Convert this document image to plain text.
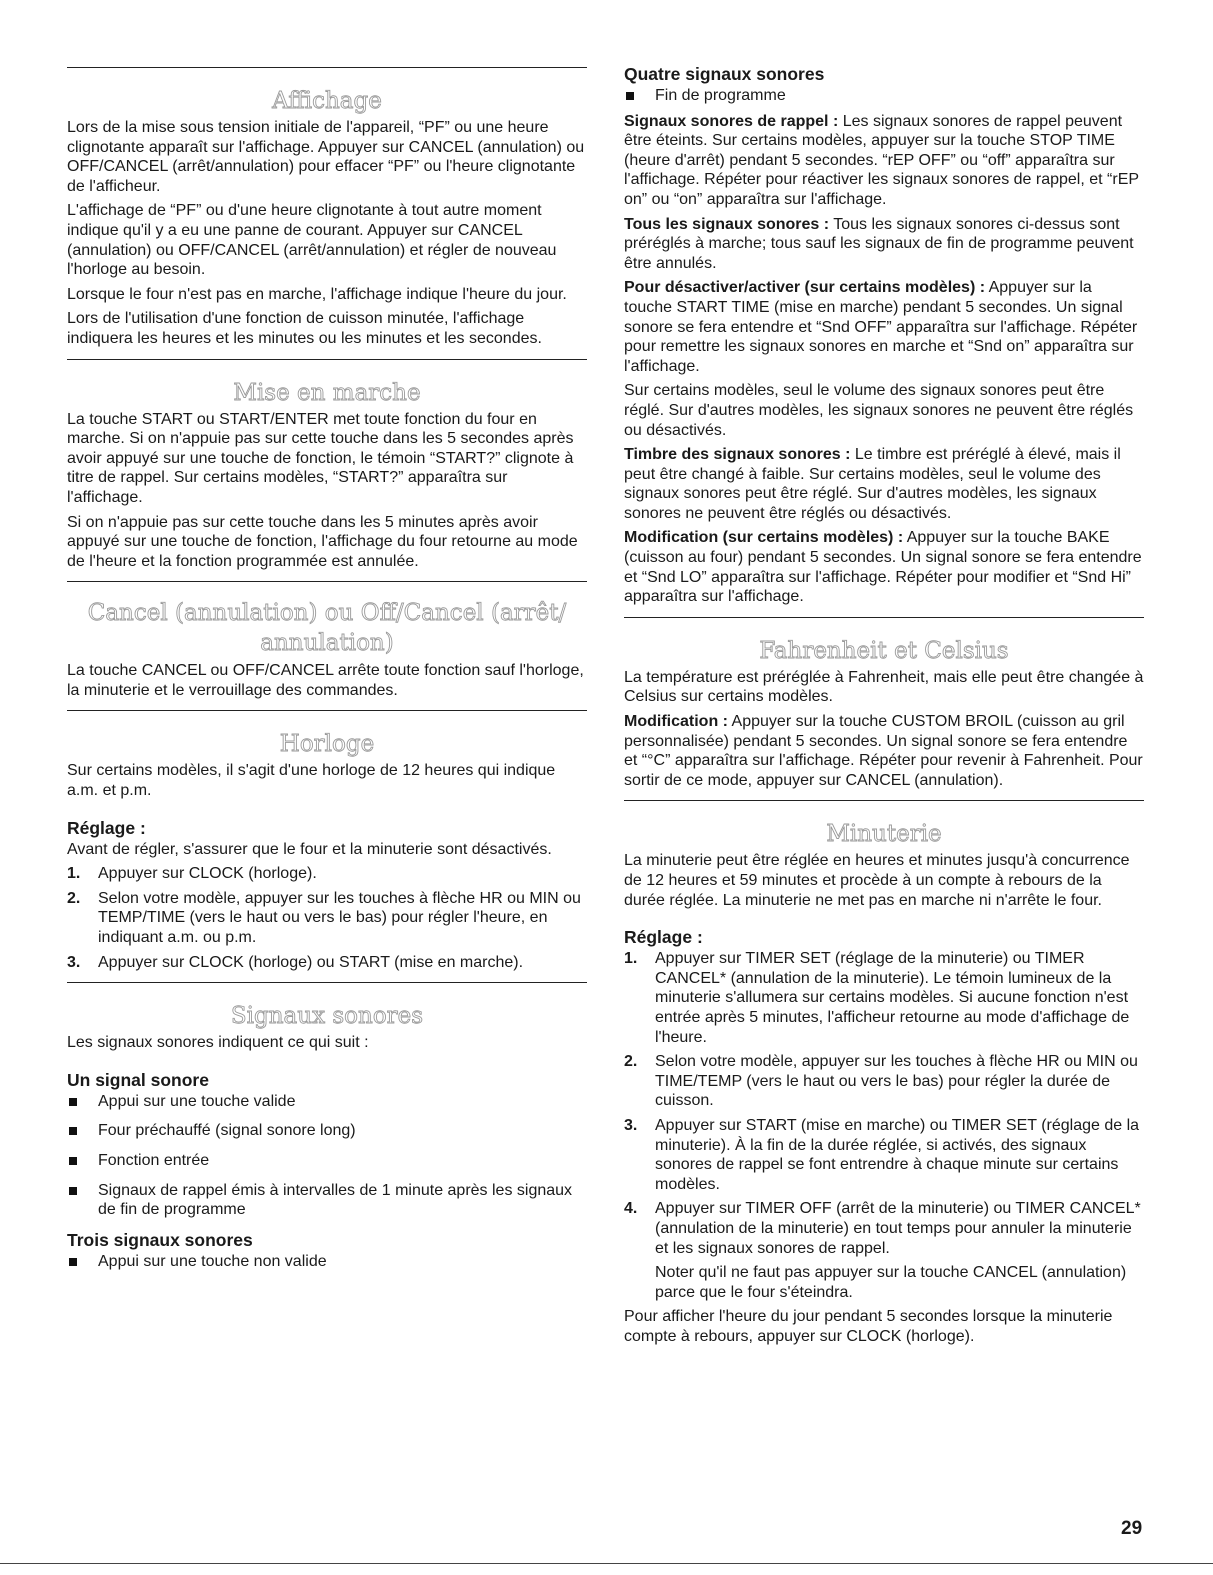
Affichage

Lors de la mise sous tension initiale de l'appareil, “PF” ou une heure clignotante apparaît sur l'affichage. Appuyer sur CANCEL (annulation) ou OFF/CANCEL (arrêt/annulation) pour effacer “PF” ou l'heure clignotante de l'afficheur.

L'affichage de “PF” ou d'une heure clignotante à tout autre moment indique qu'il y a eu une panne de courant. Appuyer sur CANCEL (annulation) ou OFF/CANCEL (arrêt/annulation) et régler de nouveau l'horloge au besoin.

Lorsque le four n'est pas en marche, l'affichage indique l'heure du jour.

Lors de l'utilisation d'une fonction de cuisson minutée, l'affichage indiquera les heures et les minutes ou les minutes et les secondes.

Mise en marche

La touche START ou START/ENTER met toute fonction du four en marche. Si on n'appuie pas sur cette touche dans les 5 secondes après avoir appuyé sur une touche de fonction, le témoin “START?” clignote à titre de rappel. Sur certains modèles, “START?” apparaîtra sur l'affichage.

Si on n'appuie pas sur cette touche dans les 5 minutes après avoir appuyé sur une touche de fonction, l'affichage du four retourne au mode de l'heure et la fonction programmée est annulée.

Cancel (annulation) ou Off/Cancel (arrêt/
annulation)

La touche CANCEL ou OFF/CANCEL arrête toute fonction sauf l'horloge, la minuterie et le verrouillage des commandes.

Horloge

Sur certains modèles, il s'agit d'une horloge de 12 heures qui indique a.m. et p.m.

Réglage :

Avant de régler, s'assurer que le four et la minuterie sont désactivés.

1. Appuyer sur CLOCK (horloge).
2. Selon votre modèle, appuyer sur les touches à flèche HR ou MIN ou TEMP/TIME (vers le haut ou vers le bas) pour régler l'heure, en indiquant a.m. ou p.m.
3. Appuyer sur CLOCK (horloge) ou START (mise en marche).
Signaux sonores

Les signaux sonores indiquent ce qui suit :

Un signal sonore
Appui sur une touche valide
Four préchauffé (signal sonore long)
Fonction entrée
Signaux de rappel émis à intervalles de 1 minute après les signaux de fin de programme
Trois signaux sonores
Appui sur une touche non valide
Quatre signaux sonores
Fin de programme

Signaux sonores de rappel : Les signaux sonores de rappel peuvent être éteints. Sur certains modèles, appuyer sur la touche STOP TIME (heure d'arrêt) pendant 5 secondes. “rEP OFF” ou “off” apparaîtra sur l'affichage. Répéter pour réactiver les signaux sonores de rappel, et “rEP on” ou “on” apparaîtra sur l'affichage.

Tous les signaux sonores : Tous les signaux sonores ci-dessus sont préréglés à marche; tous sauf les signaux de fin de programme peuvent être annulés.

Pour désactiver/activer (sur certains modèles) : Appuyer sur la touche START TIME (mise en marche) pendant 5 secondes. Un signal sonore se fera entendre et “Snd OFF” apparaîtra sur l'affichage. Répéter pour remettre les signaux sonores en marche et “Snd on” apparaîtra sur l'affichage.

Sur certains modèles, seul le volume des signaux sonores peut être réglé. Sur d'autres modèles, les signaux sonores ne peuvent être réglés ou désactivés.

Timbre des signaux sonores : Le timbre est préréglé à élevé, mais il peut être changé à faible. Sur certains modèles, seul le volume des signaux sonores peut être réglé. Sur d'autres modèles, les signaux sonores ne peuvent être réglés ou désactivés.

Modification (sur certains modèles) : Appuyer sur la touche BAKE (cuisson au four) pendant 5 secondes. Un signal sonore se fera entendre et “Snd LO” apparaîtra sur l'affichage. Répéter pour modifier et “Snd Hi” apparaîtra sur l'affichage.

Fahrenheit et Celsius

La température est préréglée à Fahrenheit, mais elle peut être changée à Celsius sur certains modèles.

Modification : Appuyer sur la touche CUSTOM BROIL (cuisson au gril personnalisée) pendant 5 secondes. Un signal sonore se fera entendre et “°C” apparaîtra sur l'affichage. Répéter pour revenir à Fahrenheit. Pour sortir de ce mode, appuyer sur CANCEL (annulation).

Minuterie

La minuterie peut être réglée en heures et minutes jusqu'à concurrence de 12 heures et 59 minutes et procède à un compte à rebours de la durée réglée. La minuterie ne met pas en marche ni n'arrête le four.

Réglage :
1. Appuyer sur TIMER SET (réglage de la minuterie) ou TIMER CANCEL* (annulation de la minuterie). Le témoin lumineux de la minuterie s'allumera sur certains modèles. Si aucune fonction n'est entrée après 5 minutes, l'afficheur retourne au mode d'affichage de l'heure.
2. Selon votre modèle, appuyer sur les touches à flèche HR ou MIN ou TIME/TEMP (vers le haut ou vers le bas) pour régler la durée de cuisson.
3. Appuyer sur START (mise en marche) ou TIMER SET (réglage de la minuterie). À la fin de la durée réglée, si activés, des signaux sonores de rappel se font entrendre à chaque minute sur certains modèles.
4. Appuyer sur TIMER OFF (arrêt de la minuterie) ou TIMER CANCEL* (annulation de la minuterie) en tout temps pour annuler la minuterie et les signaux sonores de rappel.

Noter qu'il ne faut pas appuyer sur la touche CANCEL (annulation) parce que le four s'éteindra.

Pour afficher l'heure du jour pendant 5 secondes lorsque la minuterie compte à rebours, appuyer sur CLOCK (horloge).

29
